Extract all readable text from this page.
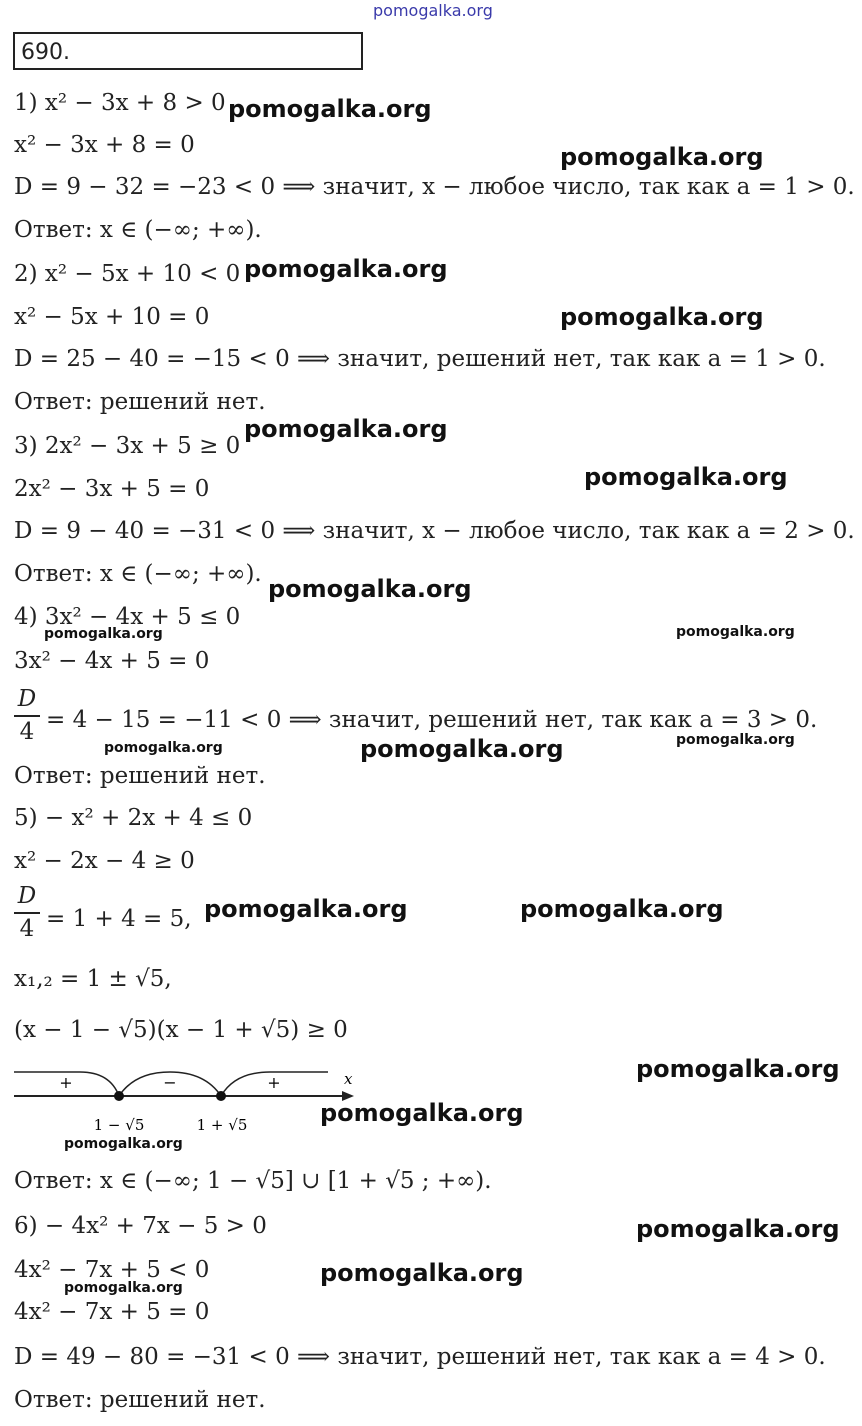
pomogalka.org
690.
1) x² − 3x + 8 > 0
x² − 3x + 8 = 0
D = 9 − 32 = −23 < 0 ⟹ значит, x − любое число, так как a = 1 > 0.
Ответ: x ∈ (−∞; +∞).
2) x² − 5x + 10 < 0
x² − 5x + 10 = 0
D = 25 − 40 = −15 < 0 ⟹ значит, решений нет, так как a = 1 > 0.
Ответ: решений нет.
3) 2x² − 3x + 5 ≥ 0
2x² − 3x + 5 = 0
D = 9 − 40 = −31 < 0 ⟹ значит, x − любое число, так как a = 2 > 0.
Ответ: x ∈ (−∞; +∞).
4) 3x² − 4x + 5 ≤ 0
3x² − 4x + 5 = 0
D
4 = 4 − 15 = −11 < 0 ⟹ значит, решений нет, так как a = 3 > 0.
Ответ: решений нет.
5) − x² + 2x + 4 ≤ 0
x² − 2x − 4 ≥ 0
D
4 = 1 + 4 = 5,
x₁,₂ = 1 ± √5,
(x − 1 − √5)(x − 1 + √5) ≥ 0
+	−	+	x
1 − √5	1 + √5
Ответ: x ∈ (−∞; 1 − √5] ∪ [1 + √5 ; +∞).
6) − 4x² + 7x − 5 > 0
4x² − 7x + 5 < 0
4x² − 7x + 5 = 0
D = 49 − 80 = −31 < 0 ⟹ значит, решений нет, так как a = 4 > 0.
Ответ: решений нет.
pomogalka.org
pomogalka.org
pomogalka.org
pomogalka.org
pomogalka.org
pomogalka.org
pomogalka.org
pomogalka.org	pomogalka.org
pomogalka.org	pomogalka.org	pomogalka.org
pomogalka.org	pomogalka.org
pomogalka.org
pomogalka.org
pomogalka.org
pomogalka.org
pomogalka.org
pomogalka.org
